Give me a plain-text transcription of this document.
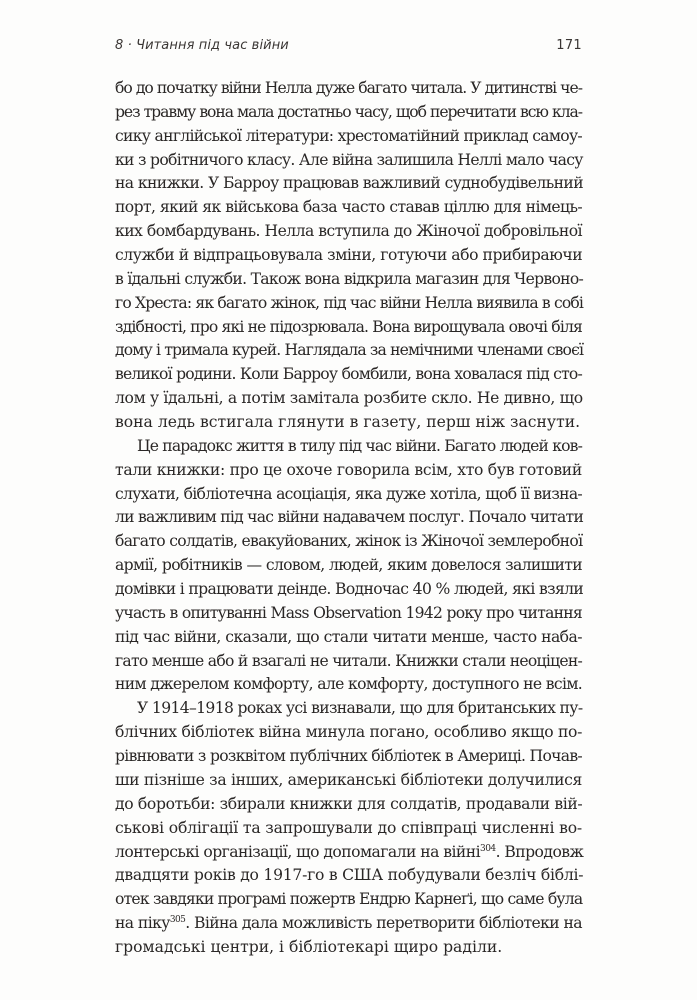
8 · Читання під час війни	171
бо до початку війни Нелла дуже багато читала. У дитинстві че-
рез травму вона мала достатньо часу, щоб перечитати всю кла-
сику англійської літератури: хрестоматійний приклад самоу-
ки з робітничого класу. Але війна залишила Неллі мало часу
на книжки. У Барроу працював важливий суднобудівельний
порт, який як військова база часто ставав ціллю для німець-
ких бомбардувань. Нелла вступила до Жіночої добровільної
служби й відпрацьовувала зміни, готуючи або прибираючи
в їдальні служби. Також вона відкрила магазин для Червоно-
го Хреста: як багато жінок, під час війни Нелла виявила в собі
здібності, про які не підозрювала. Вона вирощувала овочі біля
дому і тримала курей. Наглядала за немічними членами своєї
великої родини. Коли Барроу бомбили, вона ховалася під сто-
лом у їдальні, а потім замітала розбите скло. Не дивно, що
вона ледь встигала глянути в газету, перш ніж заснути.
Це парадокс життя в тилу під час війни. Багато людей ков-
тали книжки: про це охоче говорила всім, хто був готовий
слухати, бібліотечна асоціація, яка дуже хотіла, щоб її визна-
ли важливим під час війни надавачем послуг. Почало читати
багато солдатів, евакуйованих, жінок із Жіночої землеробної
армії, робітників — словом, людей, яким довелося залишити
домівки і працювати деінде. Водночас 40 % людей, які взяли
участь в опитуванні Mass Observation 1942 року про читання
під час війни, сказали, що стали читати менше, часто наба-
гато менше або й взагалі не читали. Книжки стали неоціцен-
ним джерелом комфорту, але комфорту, доступного не всім.
У 1914–1918 роках усі визнавали, що для британських пу-
блічних бібліотек війна минула погано, особливо якщо по-
рівнювати з розквітом публічних бібліотек в Америці. Почав-
ши пізніше за інших, американські бібліотеки долучилися
до боротьби: збирали книжки для солдатів, продавали вій-
ськові облігації та запрошували до співпраці численні во-
лонтерські організації, що допомагали на війні$^{304}$. Впродовж
двадцяти років до 1917-го в США побудували безліч біблі-
отек завдяки програмі пожертв Ендрю Карнеґі, що саме була
на піку$^{305}$. Війна дала можливість перетворити бібліотеки на
громадські центри, і бібліотекарі щиро раділи.
